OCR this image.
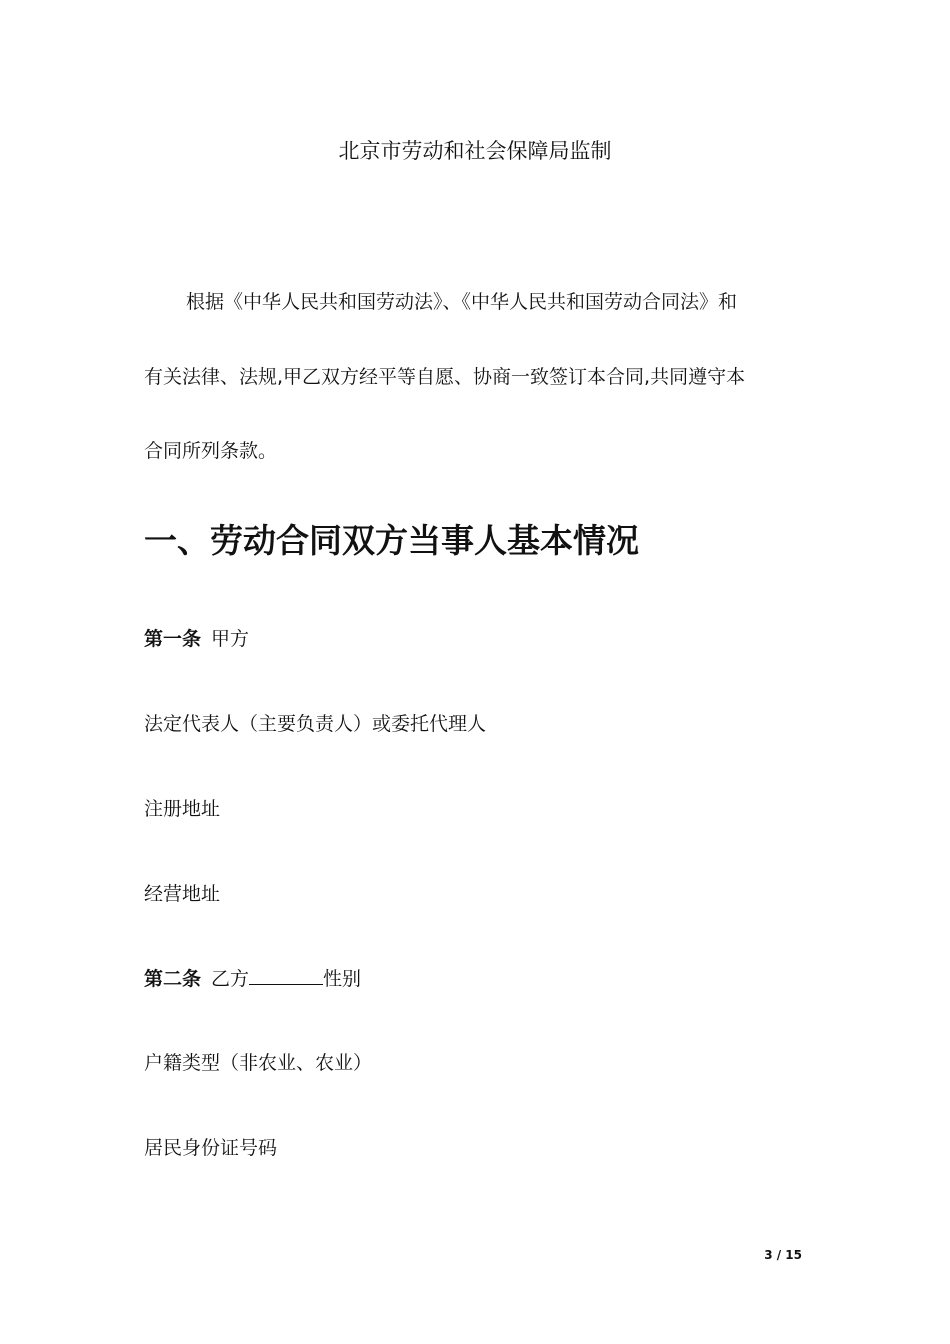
北京市劳动和社会保障局监制
根据《中华人民共和国劳动法》、《中华人民共和国劳动合同法》和
有关法律、法规,甲乙双方经平等自愿、协商一致签订本合同,共同遵守本
合同所列条款。
一、劳动合同双方当事人基本情况
第一条 甲方
法定代表人（主要负责人）或委托代理人
注册地址
经营地址
第二条 乙方	性别
户籍类型（非农业、农业）
居民身份证号码
3 / 15
